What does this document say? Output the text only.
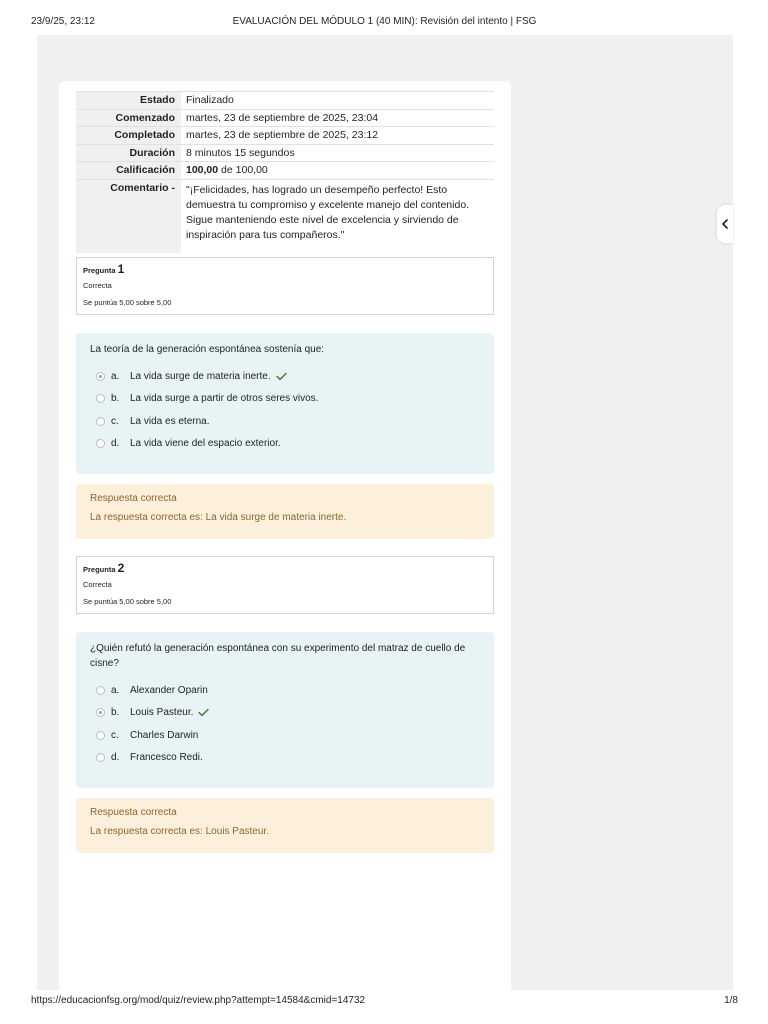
23/9/25, 23:12	EVALUACIÓN DEL MÓDULO 1 (40 MIN): Revisión del intento | FSG
Estado	Finalizado
Comenzado	martes, 23 de septiembre de 2025, 23:04
Completado	martes, 23 de septiembre de 2025, 23:12
Duración	8 minutos 15 segundos
Calificación	100,00 de 100,00
Comentario -	"¡Felicidades, has logrado un desempeño perfecto! Esto demuestra tu compromiso y excelente manejo del contenido. Sigue manteniendo este nivel de excelencia y sirviendo de inspiración para tus compañeros."
Pregunta 1
Correcta
Se puntúa 5,00 sobre 5,00
La teoría de la generación espontánea sostenía que:
a.	La vida surge de materia inerte.
b.	La vida surge a partir de otros seres vivos.
c.	La vida es eterna.
d.	La vida viene del espacio exterior.
Respuesta correcta
La respuesta correcta es: La vida surge de materia inerte.
Pregunta 2
Correcta
Se puntúa 5,00 sobre 5,00
¿Quién refutó la generación espontánea con su experimento del matraz de cuello de cisne?
a.	Alexander Oparin
b.	Louis Pasteur.
c.	Charles Darwin
d.	Francesco Redi.
Respuesta correcta
La respuesta correcta es: Louis Pasteur.
https://educacionfsg.org/mod/quiz/review.php?attempt=14584&cmid=14732	1/8
